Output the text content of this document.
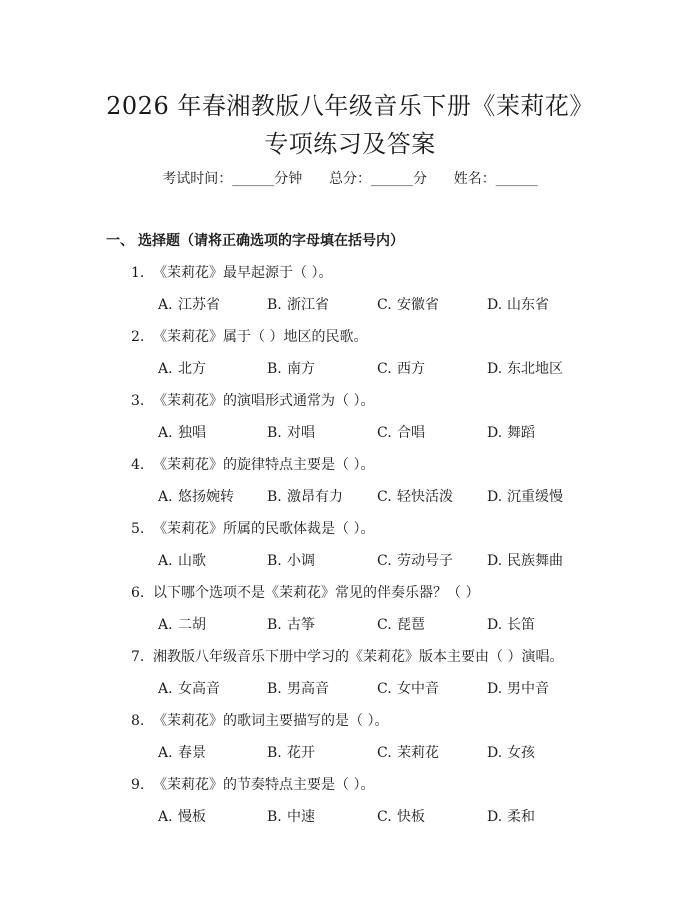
2026 年春湘教版八年级音乐下册《茉莉花》
专项练习及答案
考试时间：______分钟      总分：______分      姓名：______
一、 选择题（请将正确选项的字母填在括号内）
1. 《茉莉花》最早起源于（ ）。
A. 江苏省	B. 浙江省	C. 安徽省	D. 山东省
2. 《茉莉花》属于（ ）地区的民歌。
A. 北方	B. 南方	C. 西方	D. 东北地区
3. 《茉莉花》的演唱形式通常为（ ）。
A. 独唱	B. 对唱	C. 合唱	D. 舞蹈
4. 《茉莉花》的旋律特点主要是（ ）。
A. 悠扬婉转 B. 激昂有力 C. 轻快活泼 D. 沉重缓慢
5. 《茉莉花》所属的民歌体裁是（ ）。
A. 山歌	B. 小调	C. 劳动号子 D. 民族舞曲
6. 以下哪个选项不是《茉莉花》常见的伴奏乐器？（ ）
A. 二胡	B. 古筝	C. 琵琶	D. 长笛
7. 湘教版八年级音乐下册中学习的《茉莉花》版本主要由（ ）演唱。
A. 女高音	B. 男高音	C. 女中音	D. 男中音
8. 《茉莉花》的歌词主要描写的是（ ）。
A. 春景	B. 花开	C. 茉莉花	D. 女孩
9. 《茉莉花》的节奏特点主要是（ ）。
A. 慢板	B. 中速	C. 快板	D. 柔和
